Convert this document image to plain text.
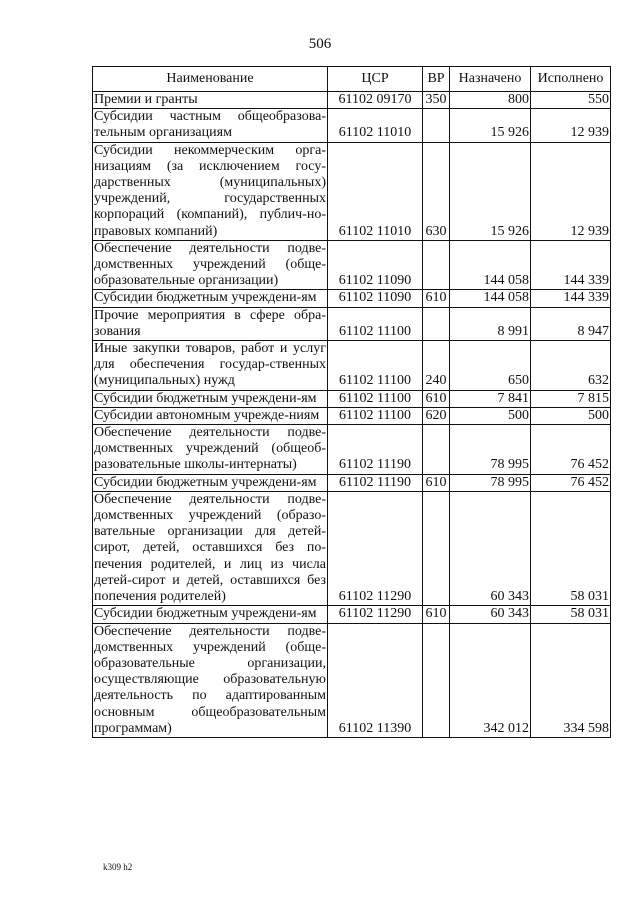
506
Наименование	ЦСР	ВР	Назначено	Исполнено
Премии и гранты	61102 09170	350	800	550
Субсидии частным общеобразова-тельным организациям	61102 11010		15 926	12 939
Субсидии некоммерческим орга-низациям (за исключением госу-дарственных (муниципальных) учреждений, государственных корпораций (компаний), публич-но-правовых компаний)	61102 11010	630	15 926	12 939
Обеспечение деятельности подве-домственных учреждений (обще-образовательные организации)	61102 11090		144 058	144 339
Субсидии бюджетным учреждени-ям	61102 11090	610	144 058	144 339
Прочие мероприятия в сфере обра-зования	61102 11100		8 991	8 947
Иные закупки товаров, работ и услуг для обеспечения государ-ственных (муниципальных) нужд	61102 11100	240	650	632
Субсидии бюджетным учреждени-ям	61102 11100	610	7 841	7 815
Субсидии автономным учрежде-ниям	61102 11100	620	500	500
Обеспечение деятельности подве-домственных учреждений (общеоб-разовательные школы-интернаты)	61102 11190		78 995	76 452
Субсидии бюджетным учреждени-ям	61102 11190	610	78 995	76 452
Обеспечение деятельности подве-домственных учреждений (образо-вательные организации для детей-сирот, детей, оставшихся без по-печения родителей, и лиц из числа детей-сирот и детей, оставшихся без попечения родителей)	61102 11290		60 343	58 031
Субсидии бюджетным учреждени-ям	61102 11290	610	60 343	58 031
Обеспечение деятельности подве-домственных учреждений (обще-образовательные организации, осуществляющие образовательную деятельность по адаптированным основным общеобразовательным программам)	61102 11390		342 012	334 598
k309 h2
